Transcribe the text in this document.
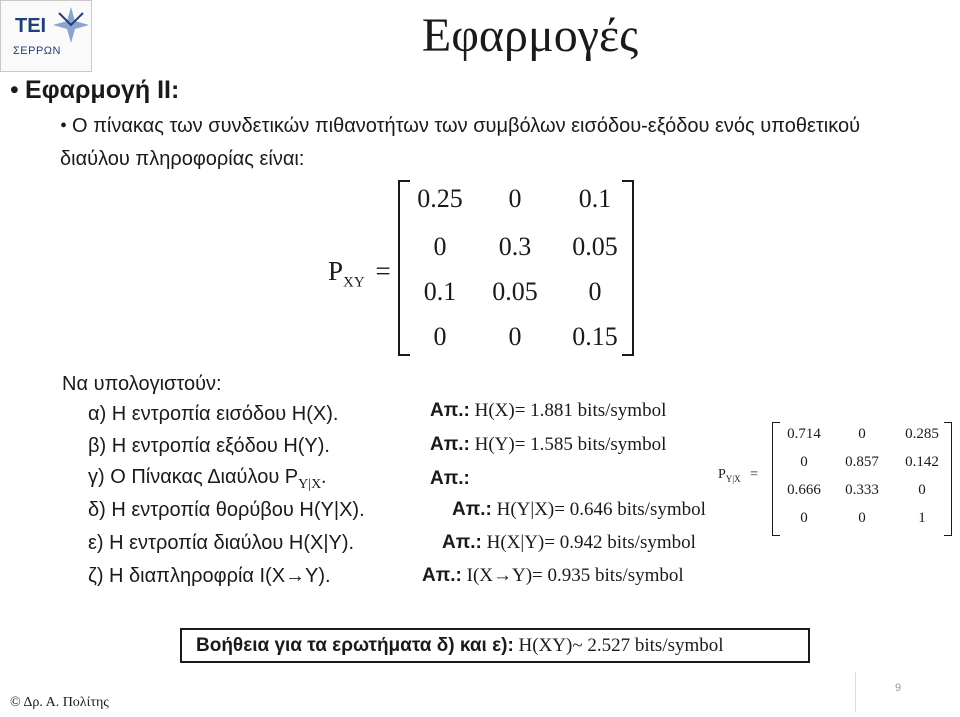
ΤΕΙ
ΣΕΡΡΩΝ	Εφαρμογές
• Εφαρμογή ΙΙ:
• Ο πίνακας των συνδετικών πιθανοτήτων των συμβόλων εισόδου-εξόδου ενός υποθετικού
διαύλου πληροφορίας είναι:
$P_{XY}$ =
0.25	0	0.1
0	0.3	0.05
0.1	0.05	0
0	0	0.15
Να υπολογιστούν:
α) Η εντροπία εισόδου H(X).	Απ.: H(X)= 1.881 bits/symbol
β) Η εντροπία εξόδου H(Y).	Απ.: H(Y)= 1.585 bits/symbol
γ) Ο Πίνακας Διαύλου $P_{Y|X}$.	Απ.:
δ) Η εντροπία θορύβου H(Y|X).	Απ.: H(Y|X)= 0.646 bits/symbol
ε) Η εντροπία διαύλου H(X|Y).	Απ.: H(X|Y)= 0.942 bits/symbol
ζ) Η διαπληροφρία I(X→Y).	Απ.: I(X→Y)= 0.935 bits/symbol
$P_{Y|X}$ =
0.714	0	0.285
0	0.857	0.142
0.666	0.333	0
0	0	1
Βοήθεια για τα ερωτήματα δ) και ε): H(XY)~ 2.527 bits/symbol
9
© Δρ. Α. Πολίτης
